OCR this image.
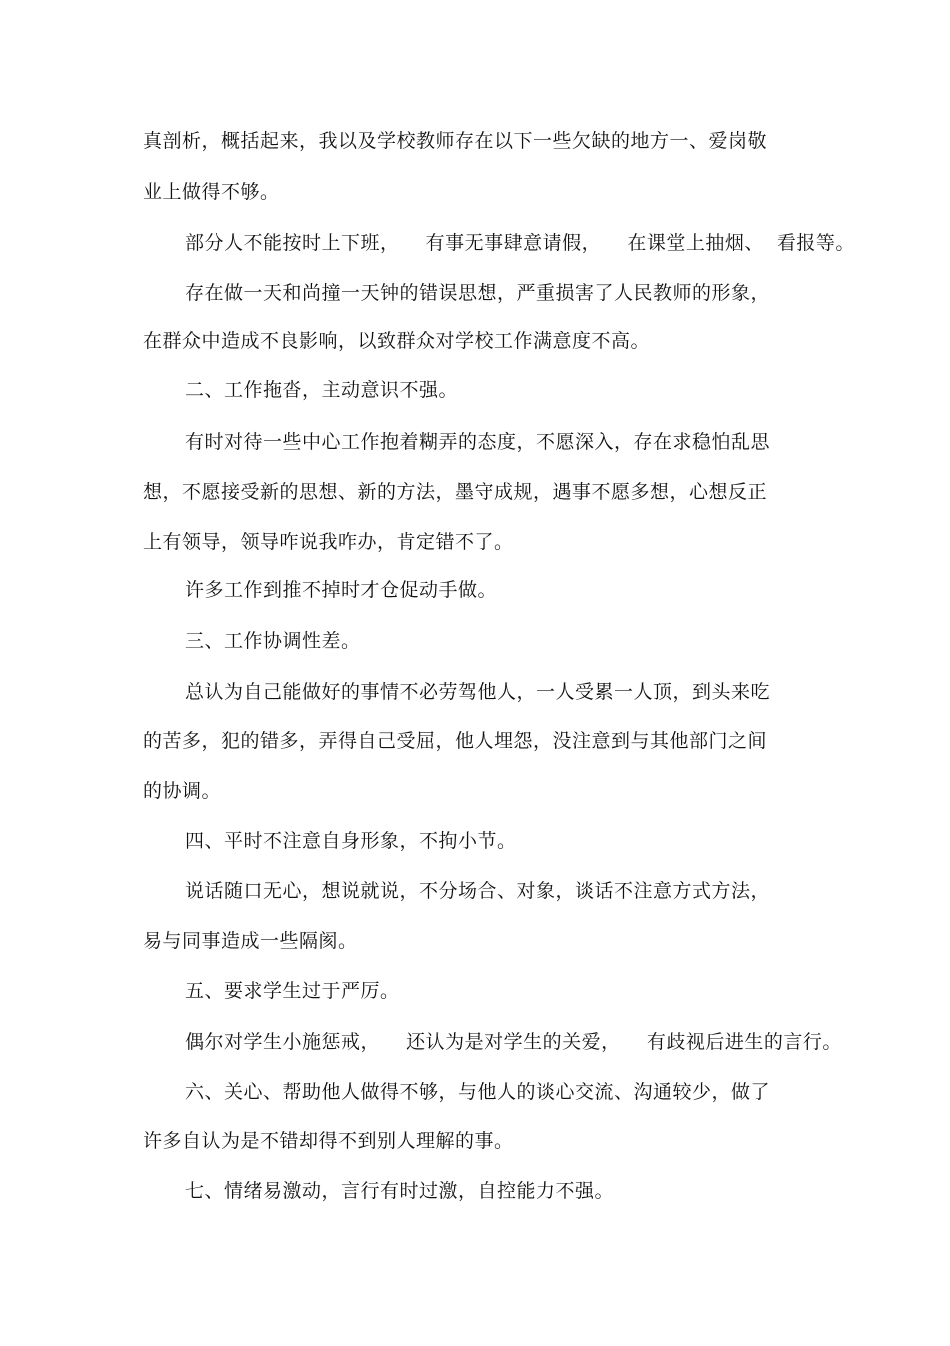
真剖析，概括起来，我以及学校教师存在以下一些欠缺的地方一、爱岗敬
业上做得不够。
部分人不能按时上下班，    有事无事肆意请假，    在课堂上抽烟、  看报等。
存在做一天和尚撞一天钟的错误思想，严重损害了人民教师的形象，
在群众中造成不良影响，以致群众对学校工作满意度不高。
二、工作拖沓，主动意识不强。
有时对待一些中心工作抱着糊弄的态度，不愿深入，存在求稳怕乱思
想，不愿接受新的思想、新的方法，墨守成规，遇事不愿多想，心想反正
上有领导，领导咋说我咋办，肯定错不了。
许多工作到推不掉时才仓促动手做。
三、工作协调性差。
总认为自己能做好的事情不必劳驾他人，一人受累一人顶，到头来吃
的苦多，犯的错多，弄得自己受屈，他人埋怨，没注意到与其他部门之间
的协调。
四、平时不注意自身形象，不拘小节。
说话随口无心，想说就说，不分场合、对象，谈话不注意方式方法，
易与同事造成一些隔阂。
五、要求学生过于严厉。
偶尔对学生小施惩戒，    还认为是对学生的关爱，    有歧视后进生的言行。
六、关心、帮助他人做得不够，与他人的谈心交流、沟通较少，做了
许多自认为是不错却得不到别人理解的事。
七、情绪易激动，言行有时过激，自控能力不强。
